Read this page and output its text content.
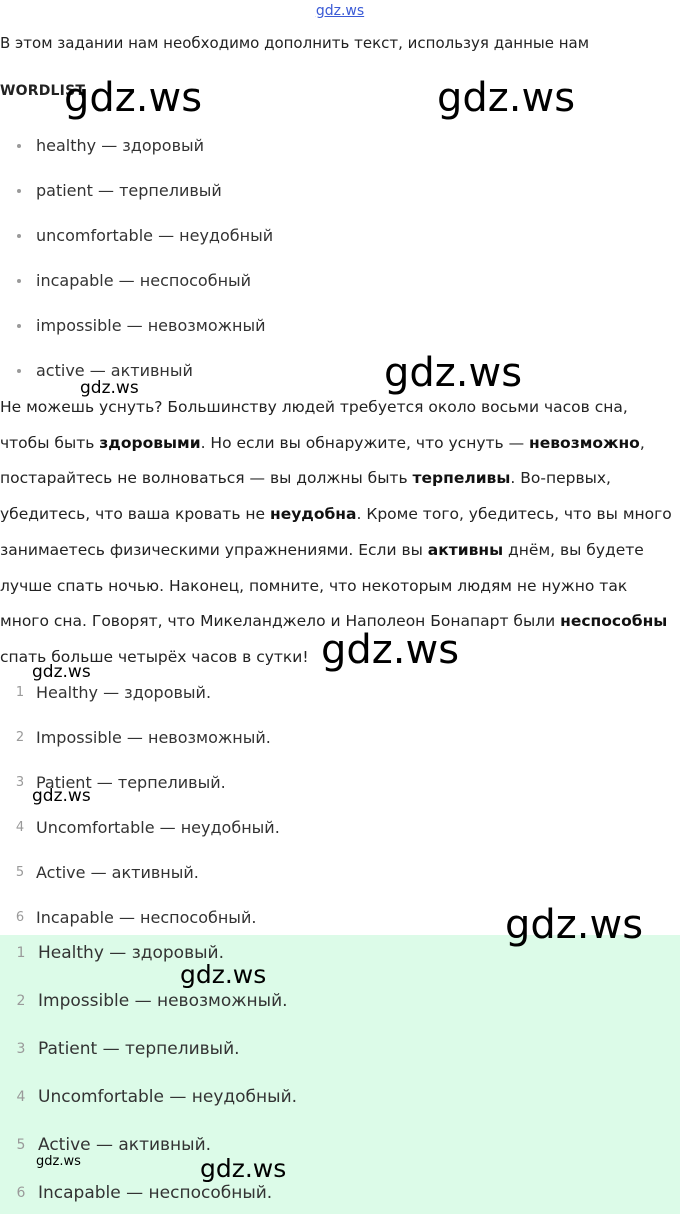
gdz.ws
В этом задании нам необходимо дополнить текст, используя данные нам
WORDLIST
healthy — здоровый
patient — терпеливый
uncomfortable — неудобный
incapable — неспособный
impossible — невозможный
active — активный
Не можешь уснуть? Большинству людей требуется около восьми часов сна, чтобы быть здоровыми. Но если вы обнаружите, что уснуть — невозможно, постарайтесь не волноваться — вы должны быть терпеливы. Во-первых, убедитесь, что ваша кровать не неудобна. Кроме того, убедитесь, что вы много занимаетесь физическими упражнениями. Если вы активны днём, вы будете лучше спать ночью. Наконец, помните, что некоторым людям не нужно так много сна. Говорят, что Микеланджело и Наполеон Бонапарт были неспособны спать больше четырёх часов в сутки!
1 Healthy — здоровый.
2 Impossible — невозможный.
3 Patient — терпеливый.
4 Uncomfortable — неудобный.
5 Active — активный.
6 Incapable — неспособный.
1 Healthy — здоровый.
2 Impossible — невозможный.
3 Patient — терпеливый.
4 Uncomfortable — неудобный.
5 Active — активный.
6 Incapable — неспособный.
gdz.ws	gdz.ws
gdz.ws
gdz.ws
gdz.ws
gdz.ws
gdz.ws
gdz.ws
gdz.ws
gdz.ws
gdz.ws
